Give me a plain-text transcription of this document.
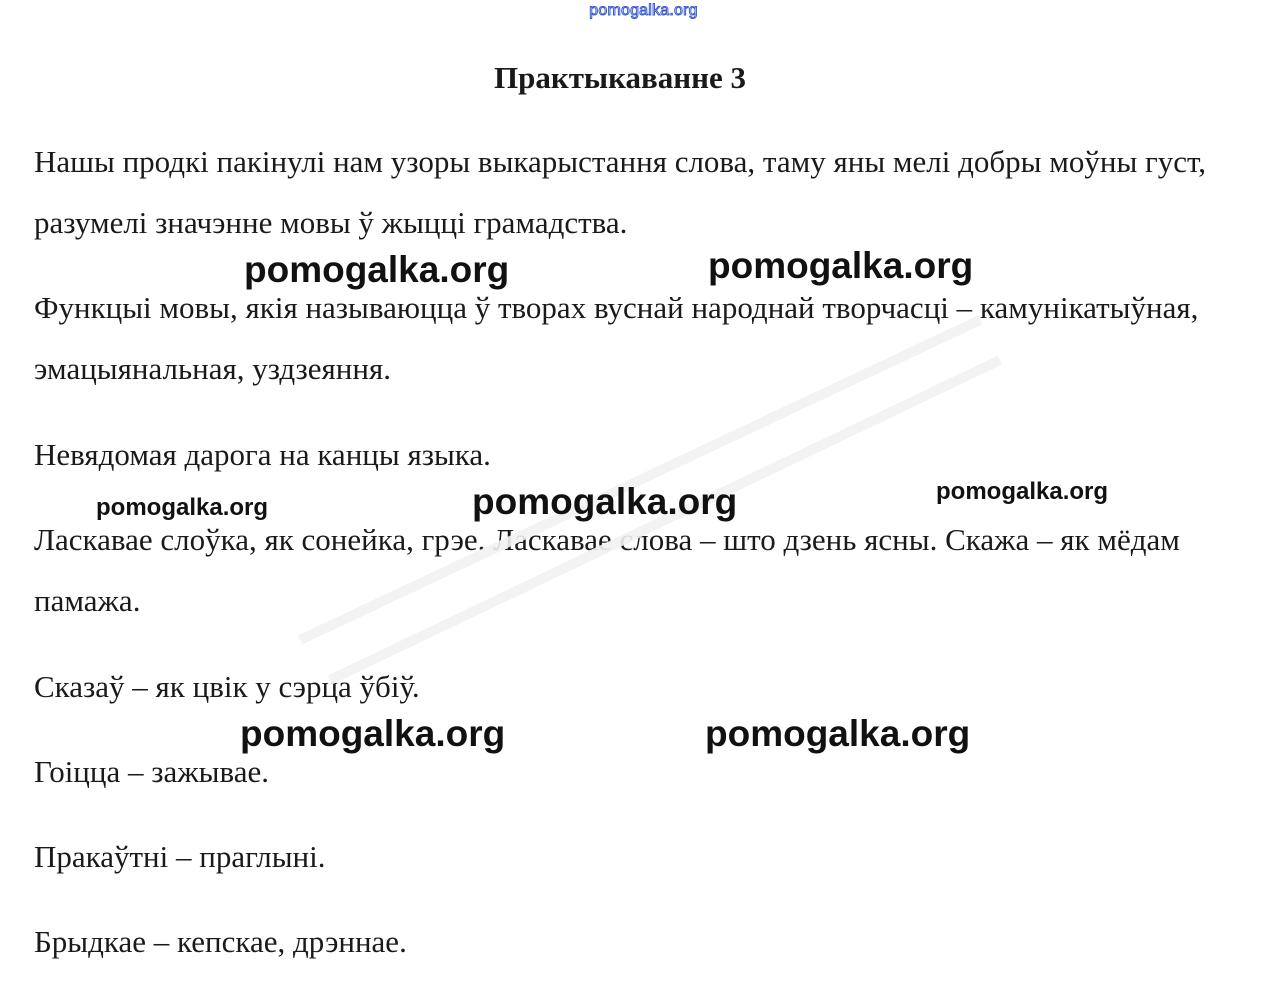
pomogalka.org
Практыкаванне 3

Нашы продкі пакінулі нам узоры выкарыстання слова, таму яны мелі добры моўны густ, разумелі значэнне мовы ў жыцці грамадства.

Функцыі мовы, якія называюцца ў творах вуснай народнай творчасці – камунікатыўная, эмацыянальная, уздзеяння.

Невядомая дарога на канцы языка.

Ласкавае слоўка, як сонейка, грэе. Ласкавае слова – што дзень ясны. Скажа – як мёдам памажа.

Сказаў – як цвік у сэрца ўбіў.

Гоіцца – зажывае.

Пракаўтні – праглыні.

Брыдкае – кепскае, дрэннае.

pomogalka.org	pomogalka.org
pomogalka.org	pomogalka.org	pomogalka.org
pomogalka.org	pomogalka.org
